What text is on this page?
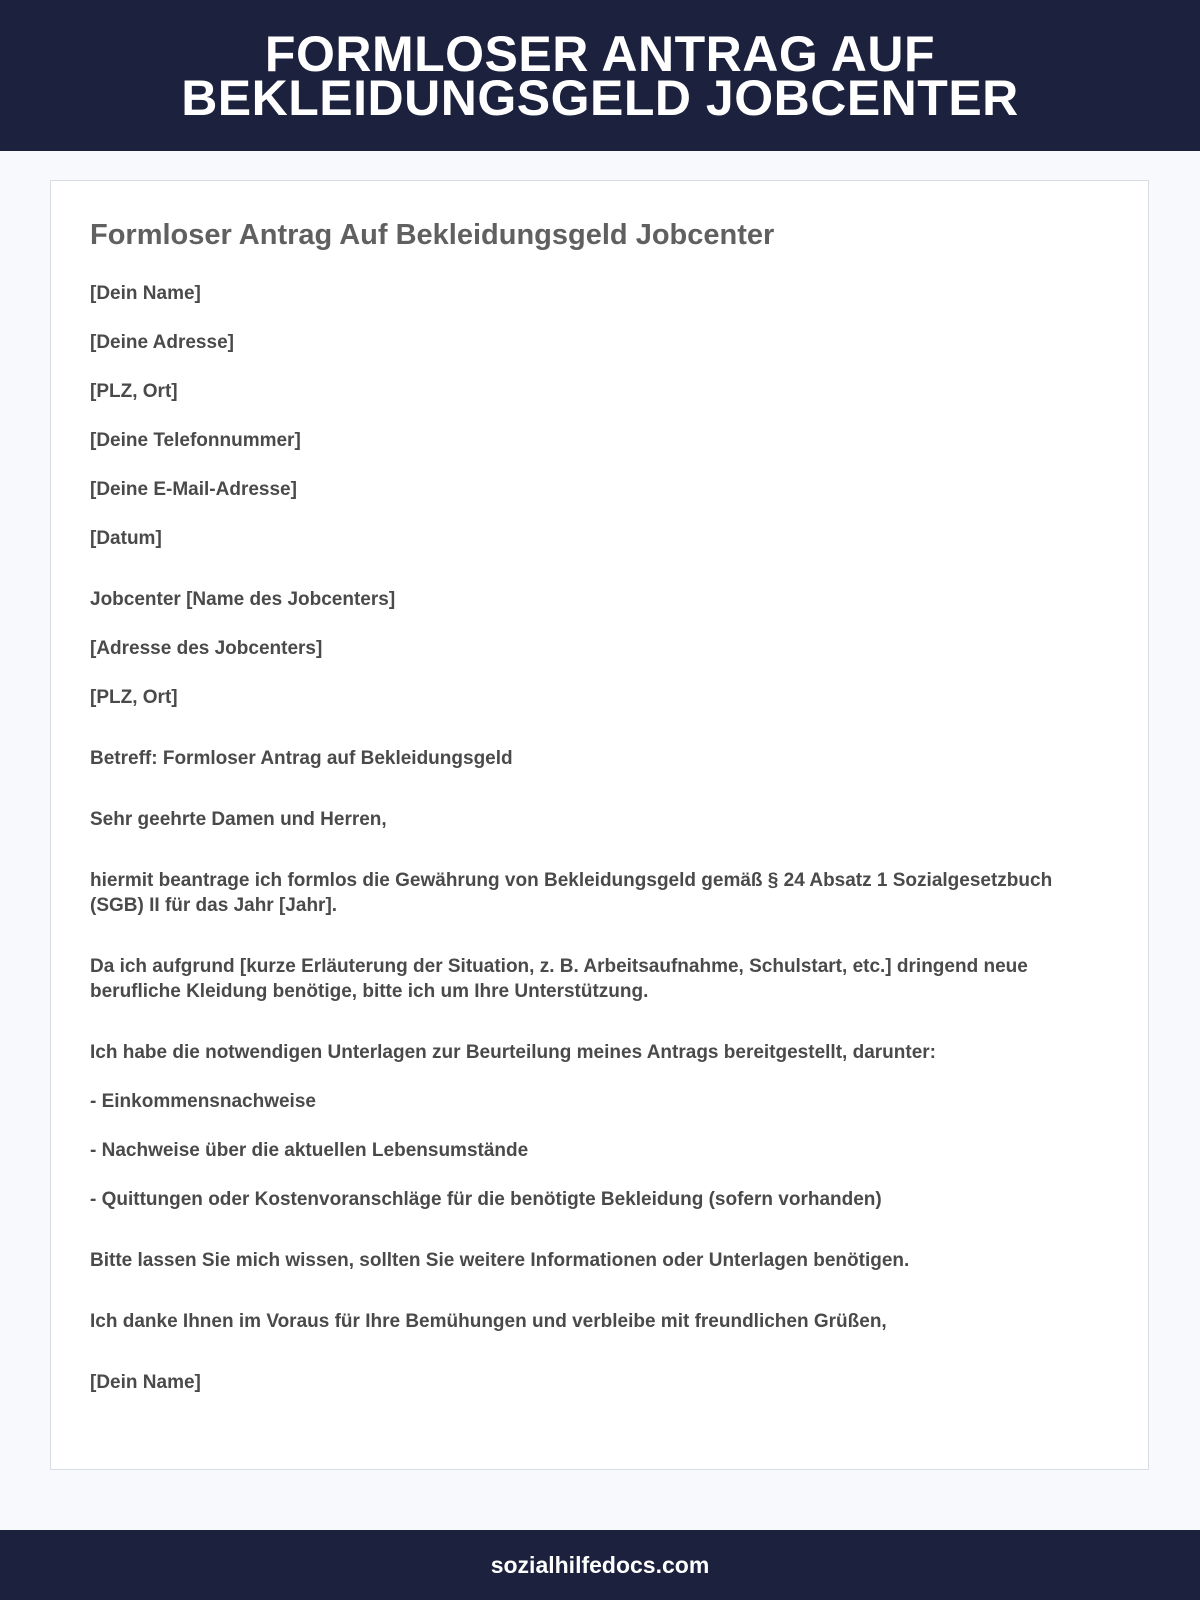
FORMLOSER ANTRAG AUF BEKLEIDUNGSGELD JOBCENTER
Formloser Antrag Auf Bekleidungsgeld Jobcenter

[Dein Name]

[Deine Adresse]

[PLZ, Ort]

[Deine Telefonnummer]

[Deine E-Mail-Adresse]

[Datum]

Jobcenter [Name des Jobcenters]

[Adresse des Jobcenters]

[PLZ, Ort]

Betreff: Formloser Antrag auf Bekleidungsgeld

Sehr geehrte Damen und Herren,

hiermit beantrage ich formlos die Gewährung von Bekleidungsgeld gemäß § 24 Absatz 1 Sozialgesetzbuch (SGB) II für das Jahr [Jahr].

Da ich aufgrund [kurze Erläuterung der Situation, z. B. Arbeitsaufnahme, Schulstart, etc.] dringend neue berufliche Kleidung benötige, bitte ich um Ihre Unterstützung.

Ich habe die notwendigen Unterlagen zur Beurteilung meines Antrags bereitgestellt, darunter:

- Einkommensnachweise

- Nachweise über die aktuellen Lebensumstände

- Quittungen oder Kostenvoranschläge für die benötigte Bekleidung (sofern vorhanden)

Bitte lassen Sie mich wissen, sollten Sie weitere Informationen oder Unterlagen benötigen.

Ich danke Ihnen im Voraus für Ihre Bemühungen und verbleibe mit freundlichen Grüßen,

[Dein Name]

sozialhilfedocs.com
